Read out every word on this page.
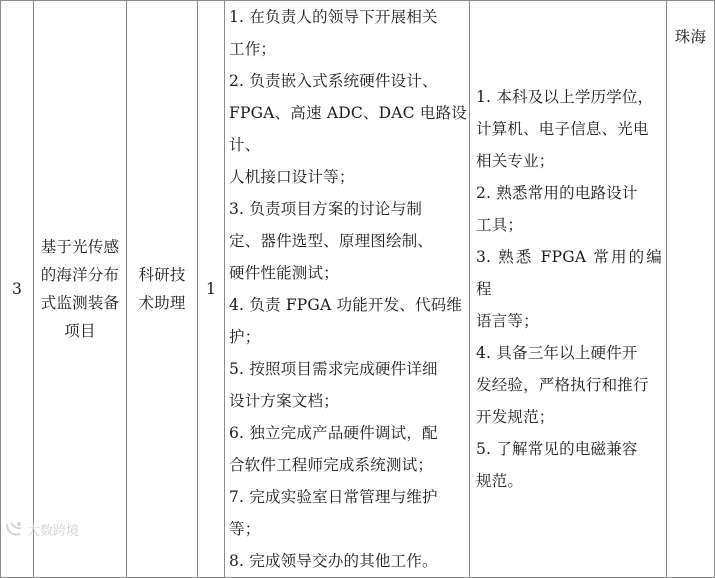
3

基于光传感的海洋分布式监测装备项目

科研技术助理

1

1. 在负责人的领导下开展相关
工作；
2. 负责嵌入式系统硬件设计、
FPGA、高速 ADC、DAC 电路设计、
人机接口设计等；
3. 负责项目方案的讨论与制
定、器件选型、原理图绘制、
硬件性能测试；
4. 负责 FPGA 功能开发、代码维
护；
5. 按照项目需求完成硬件详细
设计方案文档；
6. 独立完成产品硬件调试，配
合软件工程师完成系统测试；
7. 完成实验室日常管理与维护
等；
8. 完成领导交办的其他工作。

1. 本科及以上学历学位，
计算机、电子信息、光电
相关专业；
2. 熟悉常用的电路设计
工具；
3. 熟悉 FPGA 常用的编程
语言等；
4. 具备三年以上硬件开
发经验，严格执行和推行
开发规范；
5. 了解常见的电磁兼容
规范。

珠海
大数跨境
